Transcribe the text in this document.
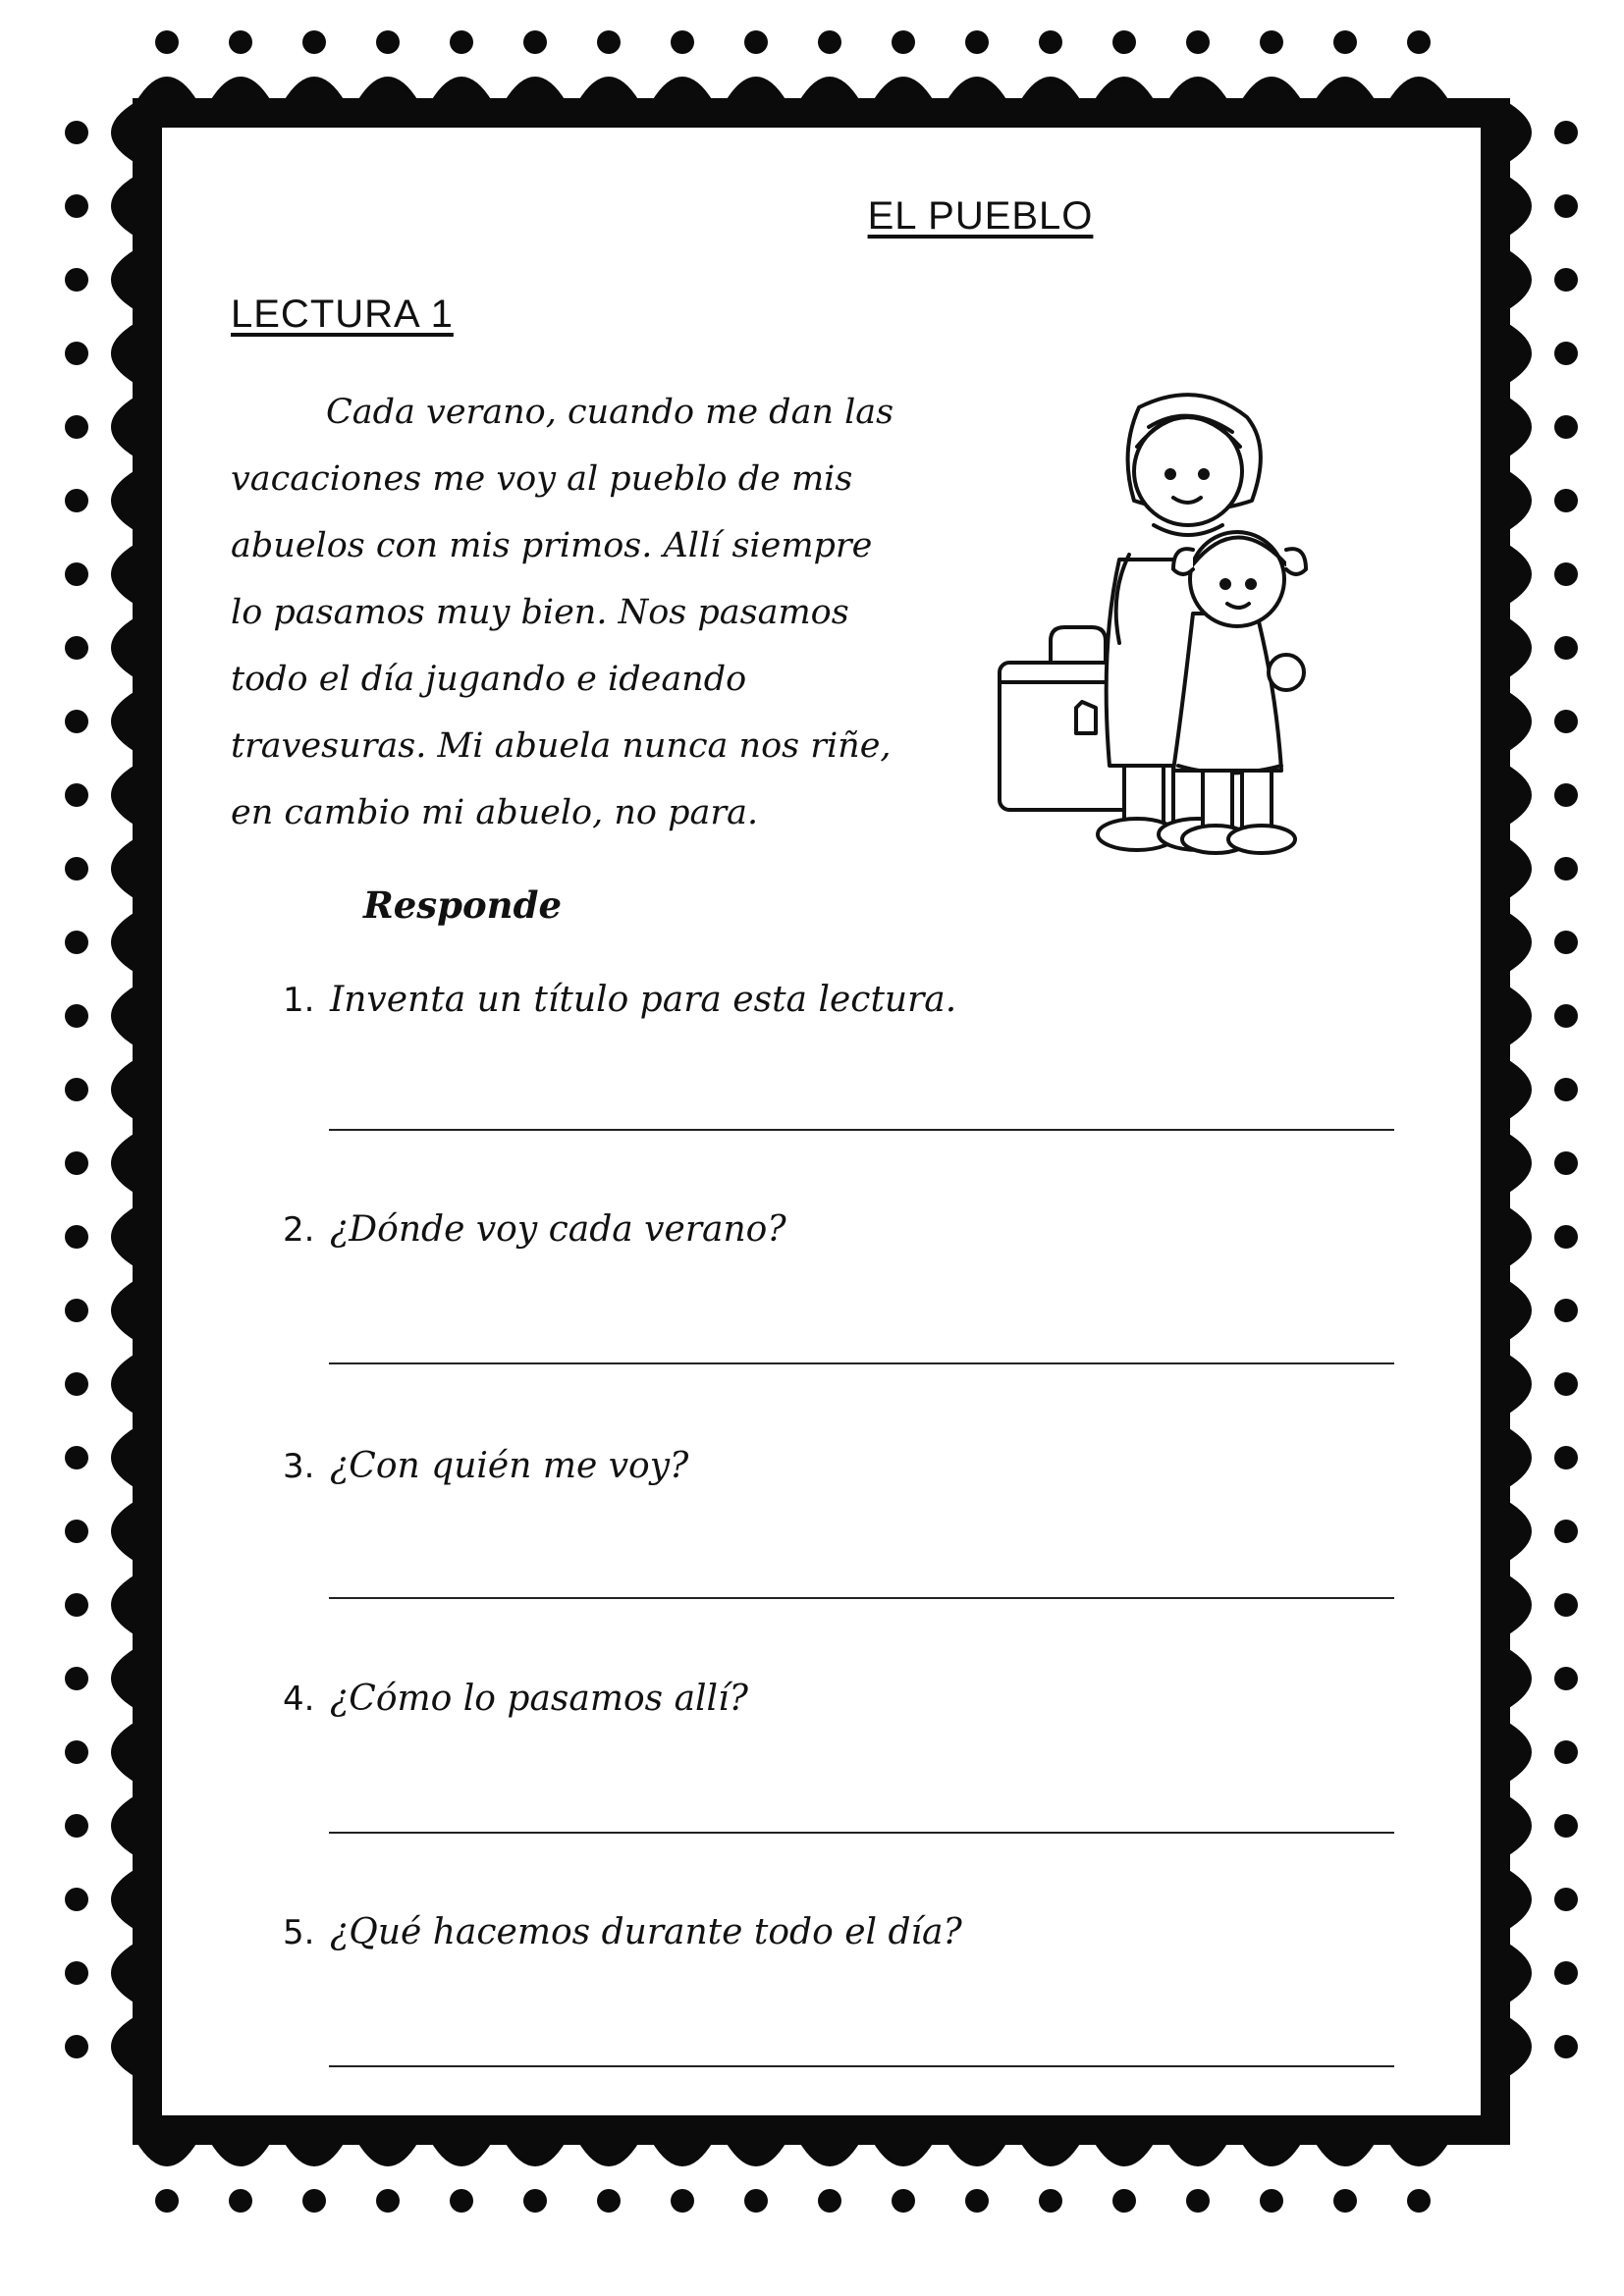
EL PUEBLO
LECTURA 1
Cada verano, cuando me dan las
vacaciones me voy al pueblo de mis
abuelos con mis primos. Allí siempre
lo pasamos muy bien. Nos pasamos
todo el día jugando e ideando
travesuras. Mi abuela nunca nos riñe,
en cambio mi abuelo, no para.
Responde
1. Inventa un título para esta lectura.
2. ¿Dónde voy cada verano?
3. ¿Con quién me voy?
4. ¿Cómo lo pasamos allí?
5. ¿Qué hacemos durante todo el día?
